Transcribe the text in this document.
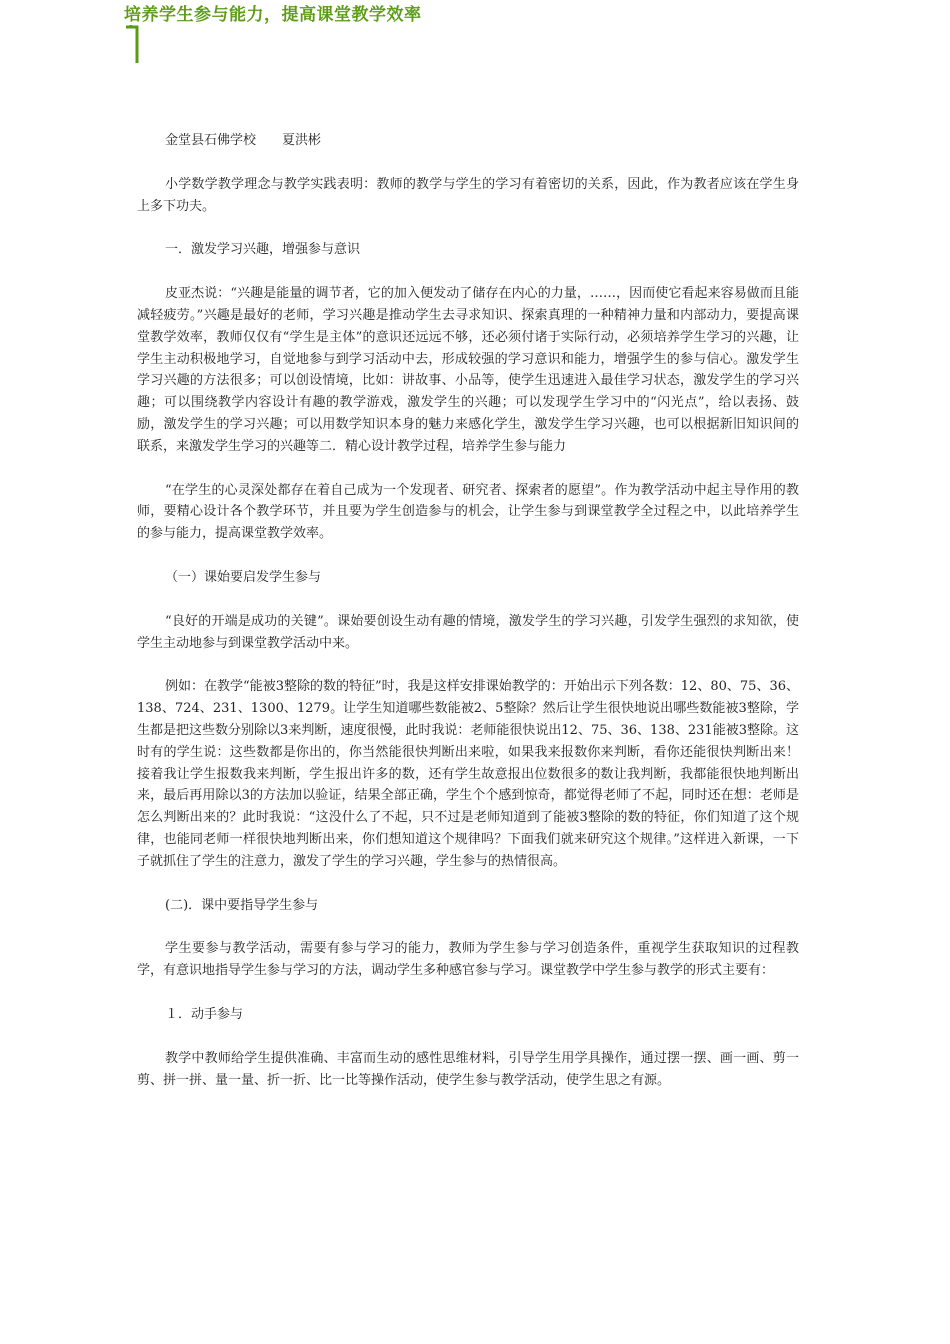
培养学生参与能力，提高课堂教学效率

金堂县石佛学校　　夏洪彬

小学数学教学理念与教学实践表明：教师的教学与学生的学习有着密切的关系，因此，作为教者应该在学生身上多下功夫。

一．激发学习兴趣，增强参与意识

皮亚杰说：“兴趣是能量的调节者，它的加入便发动了储存在内心的力量，……，因而使它看起来容易做而且能减轻疲劳。”兴趣是最好的老师，学习兴趣是推动学生去寻求知识、探索真理的一种精神力量和内部动力，要提高课堂教学效率，教师仅仅有“学生是主体”的意识还远远不够，还必须付诸于实际行动，必须培养学生学习的兴趣，让学生主动积极地学习，自觉地参与到学习活动中去，形成较强的学习意识和能力，增强学生的参与信心。激发学生学习兴趣的方法很多；可以创设情境，比如：讲故事、小品等，使学生迅速进入最佳学习状态，激发学生的学习兴趣；可以围绕教学内容设计有趣的教学游戏，激发学生的兴趣；可以发现学生学习中的“闪光点”，给以表扬、鼓励，激发学生的学习兴趣；可以用数学知识本身的魅力来感化学生，激发学生学习兴趣，也可以根据新旧知识间的联系，来激发学生学习的兴趣等二．精心设计教学过程，培养学生参与能力

“在学生的心灵深处都存在着自己成为一个发现者、研究者、探索者的愿望”。作为教学活动中起主导作用的教师，要精心设计各个教学环节，并且要为学生创造参与的机会，让学生参与到课堂教学全过程之中，以此培养学生的参与能力，提高课堂教学效率。

（一）课始要启发学生参与

“良好的开端是成功的关键”。课始要创设生动有趣的情境，激发学生的学习兴趣，引发学生强烈的求知欲，使学生主动地参与到课堂教学活动中来。

例如：在教学“能被3整除的数的特征”时，我是这样安排课始教学的：开始出示下列各数：12、80、75、36、138、724、231、1300、1279。让学生知道哪些数能被2、5整除？然后让学生很快地说出哪些数能被3整除，学生都是把这些数分别除以3来判断，速度很慢，此时我说：老师能很快说出12、75、36、138、231能被3整除。这时有的学生说：这些数都是你出的，你当然能很快判断出来啦，如果我来报数你来判断，看你还能很快判断出来！接着我让学生报数我来判断，学生报出许多的数，还有学生故意报出位数很多的数让我判断，我都能很快地判断出来，最后再用除以3的方法加以验证，结果全部正确，学生个个感到惊奇，都觉得老师了不起，同时还在想：老师是怎么判断出来的？此时我说：“这没什么了不起，只不过是老师知道到了能被3整除的数的特征，你们知道了这个规律，也能同老师一样很快地判断出来，你们想知道这个规律吗？下面我们就来研究这个规律。”这样进入新课，一下子就抓住了学生的注意力，激发了学生的学习兴趣，学生参与的热情很高。

(二)．课中要指导学生参与

学生要参与教学活动，需要有参与学习的能力，教师为学生参与学习创造条件，重视学生获取知识的过程教学，有意识地指导学生参与学习的方法，调动学生多种感官参与学习。课堂教学中学生参与教学的形式主要有：

１．动手参与

教学中教师给学生提供准确、丰富而生动的感性思维材料，引导学生用学具操作，通过摆一摆、画一画、剪一剪、拼一拼、量一量、折一折、比一比等操作活动，使学生参与教学活动，使学生思之有源。
